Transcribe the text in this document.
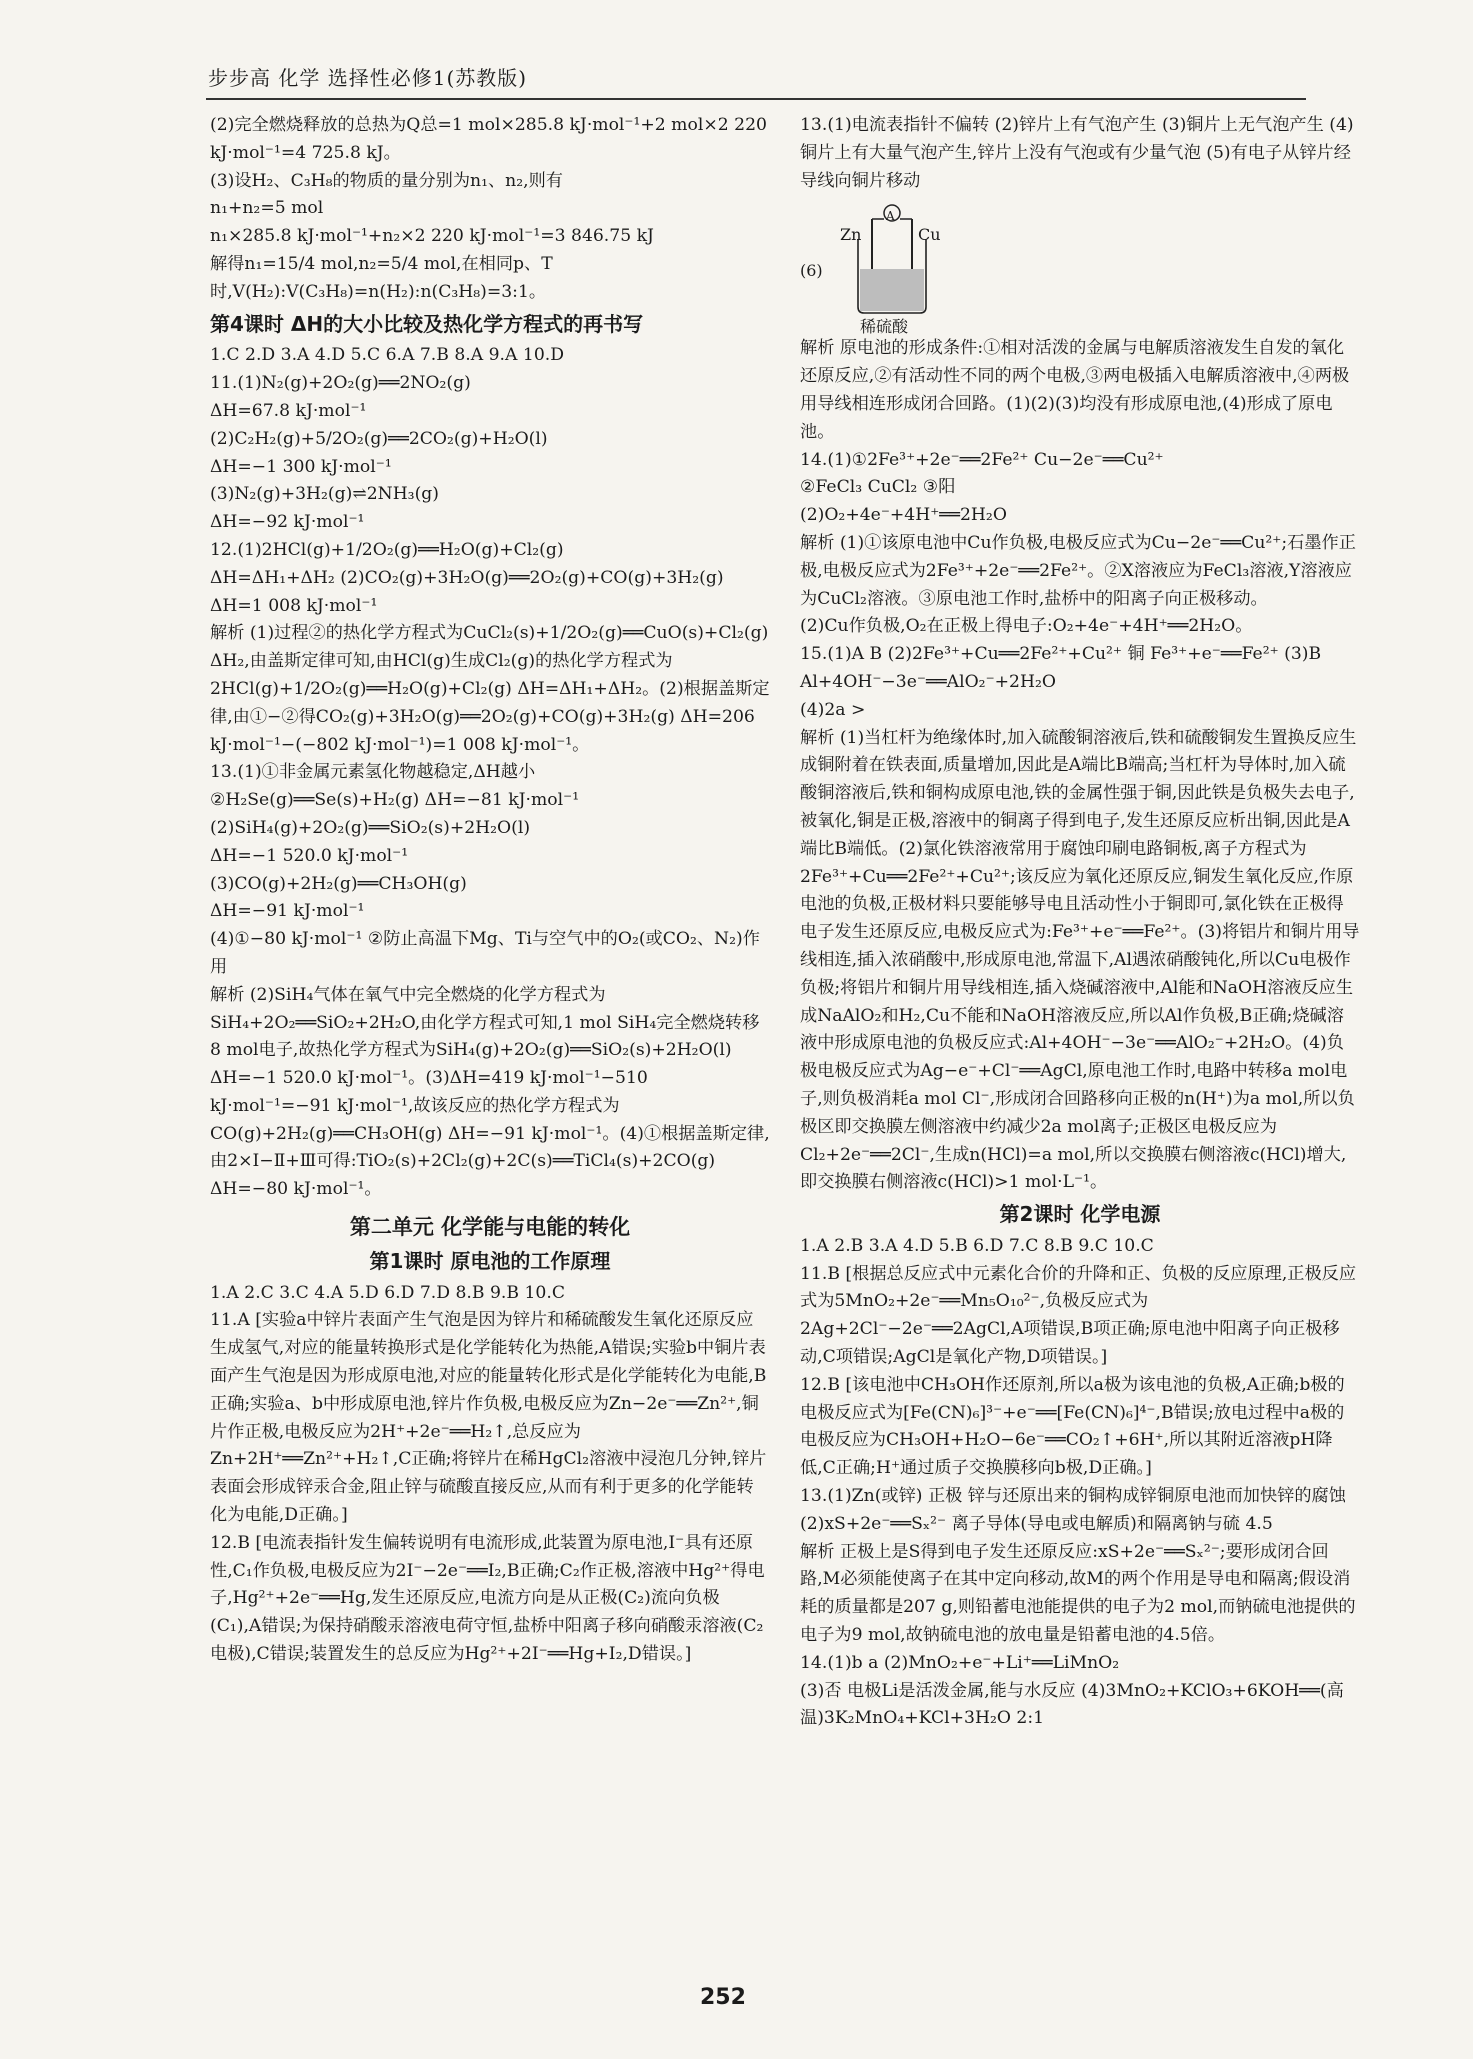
步步高 化学 选择性必修1(苏教版)

(2)完全燃烧释放的总热为Q总=1 mol×285.8 kJ·mol⁻¹+2 mol×2 220 kJ·mol⁻¹=4 725.8 kJ。

(3)设H₂、C₃H₈的物质的量分别为n₁、n₂,则有

n₁+n₂=5 mol

n₁×285.8 kJ·mol⁻¹+n₂×2 220 kJ·mol⁻¹=3 846.75 kJ

解得n₁=15/4 mol,n₂=5/4 mol,在相同p、T时,V(H₂):V(C₃H₈)=n(H₂):n(C₃H₈)=3:1。

第4课时 ΔH的大小比较及热化学方程式的再书写

1.C 2.D 3.A 4.D 5.C 6.A 7.B 8.A 9.A 10.D

11.(1)N₂(g)+2O₂(g)══2NO₂(g)

ΔH=67.8 kJ·mol⁻¹

(2)C₂H₂(g)+5/2O₂(g)══2CO₂(g)+H₂O(l)

ΔH=−1 300 kJ·mol⁻¹

(3)N₂(g)+3H₂(g)⇌2NH₃(g)

ΔH=−92 kJ·mol⁻¹

12.(1)2HCl(g)+1/2O₂(g)══H₂O(g)+Cl₂(g)

ΔH=ΔH₁+ΔH₂ (2)CO₂(g)+3H₂O(g)══2O₂(g)+CO(g)+3H₂(g) ΔH=1 008 kJ·mol⁻¹

解析 (1)过程②的热化学方程式为CuCl₂(s)+1/2O₂(g)══CuO(s)+Cl₂(g) ΔH₂,由盖斯定律可知,由HCl(g)生成Cl₂(g)的热化学方程式为2HCl(g)+1/2O₂(g)══H₂O(g)+Cl₂(g) ΔH=ΔH₁+ΔH₂。(2)根据盖斯定律,由①−②得CO₂(g)+3H₂O(g)══2O₂(g)+CO(g)+3H₂(g) ΔH=206 kJ·mol⁻¹−(−802 kJ·mol⁻¹)=1 008 kJ·mol⁻¹。

13.(1)①非金属元素氢化物越稳定,ΔH越小

②H₂Se(g)══Se(s)+H₂(g) ΔH=−81 kJ·mol⁻¹

(2)SiH₄(g)+2O₂(g)══SiO₂(s)+2H₂O(l)

ΔH=−1 520.0 kJ·mol⁻¹

(3)CO(g)+2H₂(g)══CH₃OH(g)

ΔH=−91 kJ·mol⁻¹

(4)①−80 kJ·mol⁻¹ ②防止高温下Mg、Ti与空气中的O₂(或CO₂、N₂)作用

解析 (2)SiH₄气体在氧气中完全燃烧的化学方程式为SiH₄+2O₂══SiO₂+2H₂O,由化学方程式可知,1 mol SiH₄完全燃烧转移8 mol电子,故热化学方程式为SiH₄(g)+2O₂(g)══SiO₂(s)+2H₂O(l) ΔH=−1 520.0 kJ·mol⁻¹。(3)ΔH=419 kJ·mol⁻¹−510 kJ·mol⁻¹=−91 kJ·mol⁻¹,故该反应的热化学方程式为CO(g)+2H₂(g)══CH₃OH(g) ΔH=−91 kJ·mol⁻¹。(4)①根据盖斯定律,由2×Ⅰ−Ⅱ+Ⅲ可得:TiO₂(s)+2Cl₂(g)+2C(s)══TiCl₄(s)+2CO(g) ΔH=−80 kJ·mol⁻¹。

第二单元 化学能与电能的转化
第1课时 原电池的工作原理

1.A 2.C 3.C 4.A 5.D 6.D 7.D 8.B 9.B 10.C

11.A [实验a中锌片表面产生气泡是因为锌片和稀硫酸发生氧化还原反应生成氢气,对应的能量转换形式是化学能转化为热能,A错误;实验b中铜片表面产生气泡是因为形成原电池,对应的能量转化形式是化学能转化为电能,B正确;实验a、b中形成原电池,锌片作负极,电极反应为Zn−2e⁻══Zn²⁺,铜片作正极,电极反应为2H⁺+2e⁻══H₂↑,总反应为Zn+2H⁺══Zn²⁺+H₂↑,C正确;将锌片在稀HgCl₂溶液中浸泡几分钟,锌片表面会形成锌汞合金,阻止锌与硫酸直接反应,从而有利于更多的化学能转化为电能,D正确。]

12.B [电流表指针发生偏转说明有电流形成,此装置为原电池,I⁻具有还原性,C₁作负极,电极反应为2I⁻−2e⁻══I₂,B正确;C₂作正极,溶液中Hg²⁺得电子,Hg²⁺+2e⁻══Hg,发生还原反应,电流方向是从正极(C₂)流向负极(C₁),A错误;为保持硝酸汞溶液电荷守恒,盐桥中阳离子移向硝酸汞溶液(C₂电极),C错误;装置发生的总反应为Hg²⁺+2I⁻══Hg+I₂,D错误。]

13.(1)电流表指针不偏转 (2)锌片上有气泡产生 (3)铜片上无气泡产生 (4)铜片上有大量气泡产生,锌片上没有气泡或有少量气泡 (5)有电子从锌片经导线向铜片移动

(6)
A
Zn	Cu
稀硫酸

解析 原电池的形成条件:①相对活泼的金属与电解质溶液发生自发的氧化还原反应,②有活动性不同的两个电极,③两电极插入电解质溶液中,④两极用导线相连形成闭合回路。(1)(2)(3)均没有形成原电池,(4)形成了原电池。

14.(1)①2Fe³⁺+2e⁻══2Fe²⁺ Cu−2e⁻══Cu²⁺

②FeCl₃ CuCl₂ ③阳

(2)O₂+4e⁻+4H⁺══2H₂O

解析 (1)①该原电池中Cu作负极,电极反应式为Cu−2e⁻══Cu²⁺;石墨作正极,电极反应式为2Fe³⁺+2e⁻══2Fe²⁺。②X溶液应为FeCl₃溶液,Y溶液应为CuCl₂溶液。③原电池工作时,盐桥中的阳离子向正极移动。

(2)Cu作负极,O₂在正极上得电子:O₂+4e⁻+4H⁺══2H₂O。

15.(1)A B (2)2Fe³⁺+Cu══2Fe²⁺+Cu²⁺ 铜 Fe³⁺+e⁻══Fe²⁺ (3)B Al+4OH⁻−3e⁻══AlO₂⁻+2H₂O

(4)2a >

解析 (1)当杠杆为绝缘体时,加入硫酸铜溶液后,铁和硫酸铜发生置换反应生成铜附着在铁表面,质量增加,因此是A端比B端高;当杠杆为导体时,加入硫酸铜溶液后,铁和铜构成原电池,铁的金属性强于铜,因此铁是负极失去电子,被氧化,铜是正极,溶液中的铜离子得到电子,发生还原反应析出铜,因此是A端比B端低。(2)氯化铁溶液常用于腐蚀印刷电路铜板,离子方程式为2Fe³⁺+Cu══2Fe²⁺+Cu²⁺;该反应为氧化还原反应,铜发生氧化反应,作原电池的负极,正极材料只要能够导电且活动性小于铜即可,氯化铁在正极得电子发生还原反应,电极反应式为:Fe³⁺+e⁻══Fe²⁺。(3)将铝片和铜片用导线相连,插入浓硝酸中,形成原电池,常温下,Al遇浓硝酸钝化,所以Cu电极作负极;将铝片和铜片用导线相连,插入烧碱溶液中,Al能和NaOH溶液反应生成NaAlO₂和H₂,Cu不能和NaOH溶液反应,所以Al作负极,B正确;烧碱溶液中形成原电池的负极反应式:Al+4OH⁻−3e⁻══AlO₂⁻+2H₂O。(4)负极电极反应式为Ag−e⁻+Cl⁻══AgCl,原电池工作时,电路中转移a mol电子,则负极消耗a mol Cl⁻,形成闭合回路移向正极的n(H⁺)为a mol,所以负极区即交换膜左侧溶液中约减少2a mol离子;正极区电极反应为Cl₂+2e⁻══2Cl⁻,生成n(HCl)=a mol,所以交换膜右侧溶液c(HCl)增大,即交换膜右侧溶液c(HCl)>1 mol·L⁻¹。

第2课时 化学电源

1.A 2.B 3.A 4.D 5.B 6.D 7.C 8.B 9.C 10.C

11.B [根据总反应式中元素化合价的升降和正、负极的反应原理,正极反应式为5MnO₂+2e⁻══Mn₅O₁₀²⁻,负极反应式为2Ag+2Cl⁻−2e⁻══2AgCl,A项错误,B项正确;原电池中阳离子向正极移动,C项错误;AgCl是氧化产物,D项错误。]

12.B [该电池中CH₃OH作还原剂,所以a极为该电池的负极,A正确;b极的电极反应式为[Fe(CN)₆]³⁻+e⁻══[Fe(CN)₆]⁴⁻,B错误;放电过程中a极的电极反应为CH₃OH+H₂O−6e⁻══CO₂↑+6H⁺,所以其附近溶液pH降低,C正确;H⁺通过质子交换膜移向b极,D正确。]

13.(1)Zn(或锌) 正极 锌与还原出来的铜构成锌铜原电池而加快锌的腐蚀

(2)xS+2e⁻══Sₓ²⁻ 离子导体(导电或电解质)和隔离钠与硫 4.5

解析 正极上是S得到电子发生还原反应:xS+2e⁻══Sₓ²⁻;要形成闭合回路,M必须能使离子在其中定向移动,故M的两个作用是导电和隔离;假设消耗的质量都是207 g,则铅蓄电池能提供的电子为2 mol,而钠硫电池提供的电子为9 mol,故钠硫电池的放电量是铅蓄电池的4.5倍。

14.(1)b a (2)MnO₂+e⁻+Li⁺══LiMnO₂

(3)否 电极Li是活泼金属,能与水反应 (4)3MnO₂+KClO₃+6KOH══(高温)3K₂MnO₄+KCl+3H₂O 2:1

252
